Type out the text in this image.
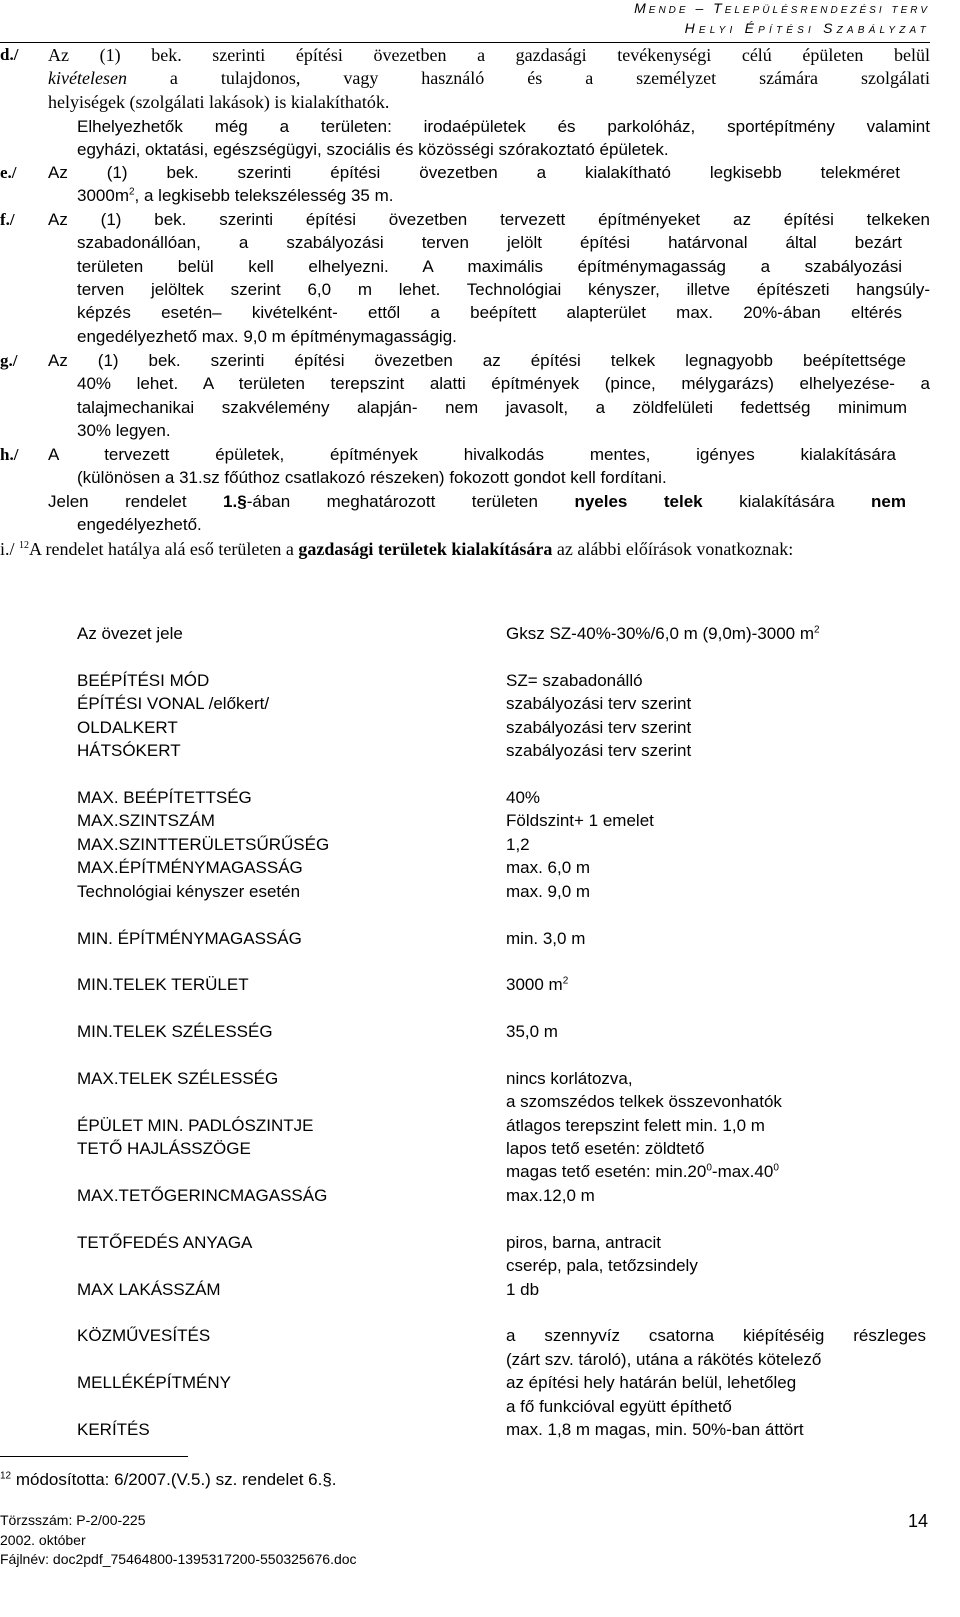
Mende – Településrendezési terv
Helyi Építési Szabályzat
d./ Az (1) bek. szerinti építési övezetben a gazdasági tevékenységi célú épületen belül
kivételesen a tulajdonos, vagy használó és a személyzet számára szolgálati
helyiségek (szolgálati lakások) is kialakíthatók.
Elhelyezhetők még a területen: irodaépületek és parkolóház, sportépítmény valamint
egyházi, oktatási, egészségügyi, szociális és közösségi szórakoztató épületek.
e./ Az (1) bek. szerinti építési övezetben a kialakítható legkisebb telekméret
$3000m^2$, a legkisebb telekszélesség 35 m.
f./ Az (1) bek. szerinti építési övezetben tervezett építményeket az építési telkeken
szabadonállóan, a szabályozási terven jelölt építési határvonal által bezárt
területen belül kell elhelyezni. A maximális építménymagasság a szabályozási
terven jelöltek szerint 6,0 m lehet. Technológiai kényszer, illetve építészeti hangsúly-
képzés esetén– kivételként- ettől a beépített alapterület max. 20%-ában eltérés
engedélyezhető max. 9,0 m építménymagasságig.
g./ Az (1) bek. szerinti építési övezetben az építési telkek legnagyobb beépítettsége
40% lehet. A területen terepszint alatti építmények (pince, mélygarázs) elhelyezése- a
talajmechanikai szakvélemény alapján- nem javasolt, a zöldfelületi fedettség minimum
30% legyen.
h./ A tervezett épületek, építmények hivalkodás mentes, igényes kialakítására
(különösen a 31.sz főúthoz csatlakozó részeken) fokozott gondot kell fordítani.
Jelen rendelet 1.§-ában meghatározott területen nyeles telek kialakítására nem
engedélyezhető.
i./ $^{12}$A rendelet hatálya alá eső területen a gazdasági területek kialakítására az alábbi előírások vonatkoznak:
Az övezet jele	Gksz SZ-40%-30%/6,0 m (9,0m)-3000 $m^2$
BEÉPÍTÉSI MÓD	SZ= szabadonálló
ÉPÍTÉSI VONAL /előkert/	szabályozási terv szerint
OLDALKERT	szabályozási terv szerint
HÁTSÓKERT	szabályozási terv szerint
MAX. BEÉPÍTETTSÉG	40%
MAX.SZINTSZÁM	Földszint+ 1 emelet
MAX.SZINTTERÜLETSŰRŰSÉG	1,2
MAX.ÉPÍTMÉNYMAGASSÁG	max. 6,0 m
Technológiai kényszer esetén	max. 9,0 m
MIN. ÉPÍTMÉNYMAGASSÁG	min. 3,0 m
MIN.TELEK TERÜLET	3000 $m^2$
MIN.TELEK SZÉLESSÉG	35,0 m
MAX.TELEK SZÉLESSÉG	nincs korlátozva,
a szomszédos telkek összevonhatók
ÉPÜLET MIN. PADLÓSZINTJE	átlagos terepszint felett min. 1,0 m
TETŐ HAJLÁSSZÖGE	lapos tető esetén: zöldtető
magas tető esetén: $\min.20^0-\max.40^0$
MAX.TETŐGERINCMAGASSÁG	max.12,0 m
TETŐFEDÉS ANYAGA	piros, barna, antracit
cserép, pala, tetőzsindely
MAX LAKÁSSZÁM	1 db
KÖZMŰVESÍTÉS	a szennyvíz csatorna kiépítéséig részleges
(zárt szv. tároló), utána a rákötés kötelező
MELLÉKÉPÍTMÉNY	az építési hely határán belül, lehetőleg
a fő funkcióval együtt építhető
KERÍTÉS	max. 1,8 m magas, min. 50%-ban áttört
$^{12}$ módosította: 6/2007.(V.5.) sz. rendelet 6.§.
Törzsszám: P-2/00-225
2002. október
Fájlnév: doc2pdf_75464800-1395317200-550325676.doc
14
